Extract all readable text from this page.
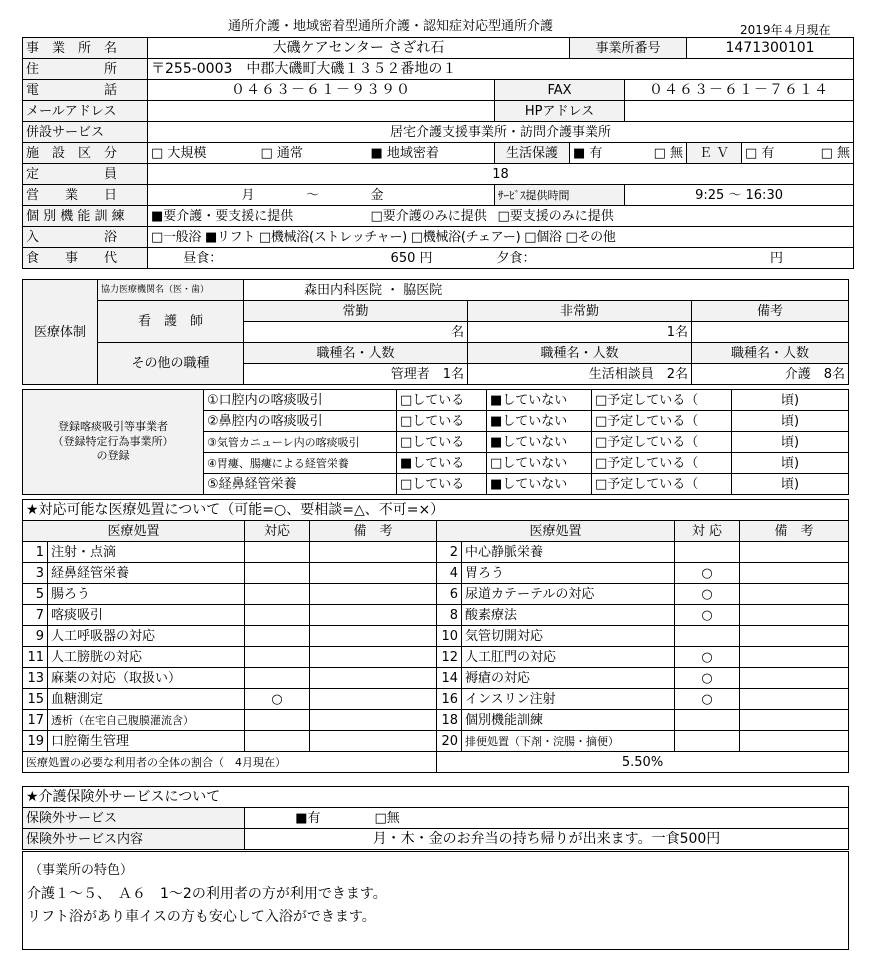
通所介護・地域密着型通所介護・認知症対応型通所介護	2019年４月現在
事　業　所　名	大磯ケアセンター さざれ石					事業所番号		1471300101		
住　　　　　所	〒255-0003　中郡大磯町大磯１３５２番地の１									
電　　　　　話	０４６３－６１－９３９０				FAX		０４６３－６１－７６１４			
メールアドレス					HPアドレス					
併設サービス	居宅介護支援事業所・訪問介護事業所									
施　設　区　分	□ 大規模	□ 通常	■ 地域密着		生活保護	■ 有	□ 無	Ｅ Ｖ	□ 有	□ 無
定　　　　　員	18									
営　　業　　日	月	～	金		ｻｰﾋﾞｽ提供時間		9:25 ～ 16:30			
個 別 機 能 訓 練	■要介護・要支援に提供		□要介護のみに提供		□要支援のみに提供					
入　　　　　浴	□一般浴 ■リフト □機械浴(ストレッチャー) □機械浴(チェアー) □個浴 □その他									
食　　事　　代	昼食：	650 円		夕食：		円				
医療体制	協力医療機関名（医・歯）	森田内科医院 ・ 脇医院		
	看　護　師	常勤	非常勤	備考
		名	1名	
	その他の職種	職種名・人数	職種名・人数	職種名・人数
		管理者　 1名	生活相談員　 2名	介護　 8名
登録喀痰吸引等事業者
（登録特定行為事業所）
の登録	①口腔内の喀痰吸引	□している	■していない	□予定している（	頃)
	②鼻腔内の喀痰吸引	□している	■していない	□予定している（	頃)
	③気管カニューレ内の喀痰吸引	□している	■していない	□予定している（	頃)
	④胃瘻、腸瘻による経管栄養	■している	□していない	□予定している（	頃)
	⑤経鼻経管栄養	□している	■していない	□予定している（	頃)
★対応可能な医療処置について（可能=○、要相談=△、不可=×）							
医療処置		対応	備　考	医療処置		対 応	備　考
1	注射・点滴			2	中心静脈栄養		
3	経鼻経管栄養			4	胃ろう	○	
5	腸ろう			6	尿道カテーテルの対応	○	
7	喀痰吸引			8	酸素療法	○	
9	人工呼吸器の対応			10	気管切開対応		
11	人工膀胱の対応			12	人工肛門の対応	○	
13	麻薬の対応（取扱い）			14	褥瘡の対応	○	
15	血糖測定	○		16	インスリン注射	○	
17	透析（在宅自己腹膜灌流含）			18	個別機能訓練		
19	口腔衛生管理			20	排便処置（下剤・浣腸・摘便）		
医療処置の必要な利用者の全体の割合（　4月現在）				5.50%			
★介護保険外サービスについて		
保険外サービス	■有	□無
保険外サービス内容	月・木・金のお弁当の持ち帰りが出来ます。一食500円	
（事業所の特色）
介護１～５、　Ａ６　1～2の利用者の方が利用できます。
リフト浴があり車イスの方も安心して入浴ができます。
